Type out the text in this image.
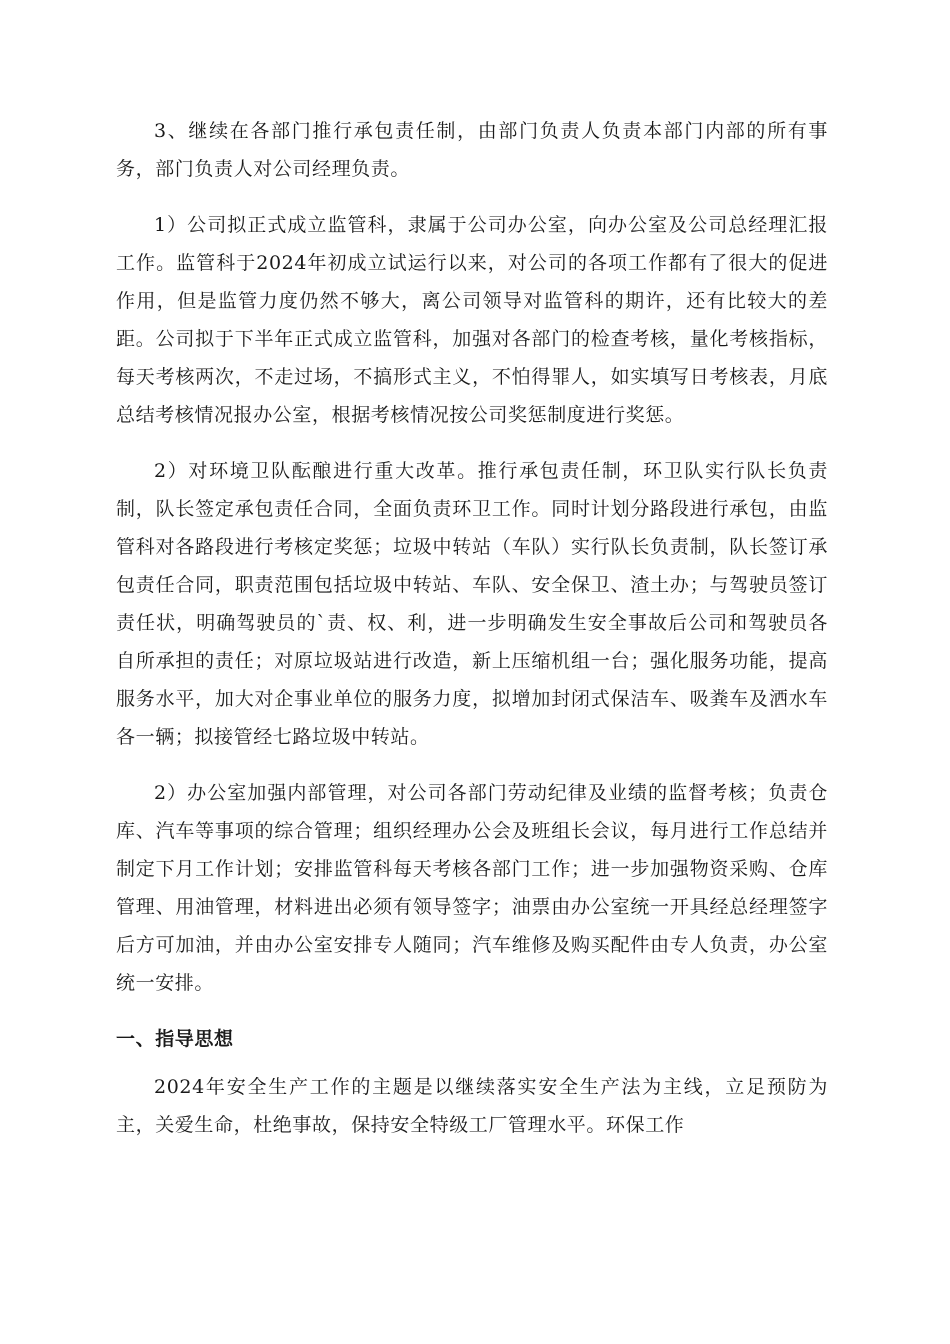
3、继续在各部门推行承包责任制，由部门负责人负责本部门内部的所有事务，部门负责人对公司经理负责。

1）公司拟正式成立监管科，隶属于公司办公室，向办公室及公司总经理汇报工作。监管科于2024年初成立试运行以来，对公司的各项工作都有了很大的促进作用，但是监管力度仍然不够大，离公司领导对监管科的期许，还有比较大的差距。公司拟于下半年正式成立监管科，加强对各部门的检查考核，量化考核指标，每天考核两次，不走过场，不搞形式主义，不怕得罪人，如实填写日考核表，月底总结考核情况报办公室，根据考核情况按公司奖惩制度进行奖惩。

2）对环境卫队酝酿进行重大改革。推行承包责任制，环卫队实行队长负责制，队长签定承包责任合同，全面负责环卫工作。同时计划分路段进行承包，由监管科对各路段进行考核定奖惩；垃圾中转站（车队）实行队长负责制，队长签订承包责任合同，职责范围包括垃圾中转站、车队、安全保卫、渣土办；与驾驶员签订责任状，明确驾驶员的`责、权、利，进一步明确发生安全事故后公司和驾驶员各自所承担的责任；对原垃圾站进行改造，新上压缩机组一台；强化服务功能，提高服务水平，加大对企事业单位的服务力度，拟增加封闭式保洁车、吸粪车及洒水车各一辆；拟接管经七路垃圾中转站。

2）办公室加强内部管理，对公司各部门劳动纪律及业绩的监督考核；负责仓库、汽车等事项的综合管理；组织经理办公会及班组长会议，每月进行工作总结并制定下月工作计划；安排监管科每天考核各部门工作；进一步加强物资采购、仓库管理、用油管理，材料进出必须有领导签字；油票由办公室统一开具经总经理签字后方可加油，并由办公室安排专人随同；汽车维修及购买配件由专人负责，办公室统一安排。

一、指导思想

2024年安全生产工作的主题是以继续落实安全生产法为主线，立足预防为主，关爱生命，杜绝事故，保持安全特级工厂管理水平。环保工作
